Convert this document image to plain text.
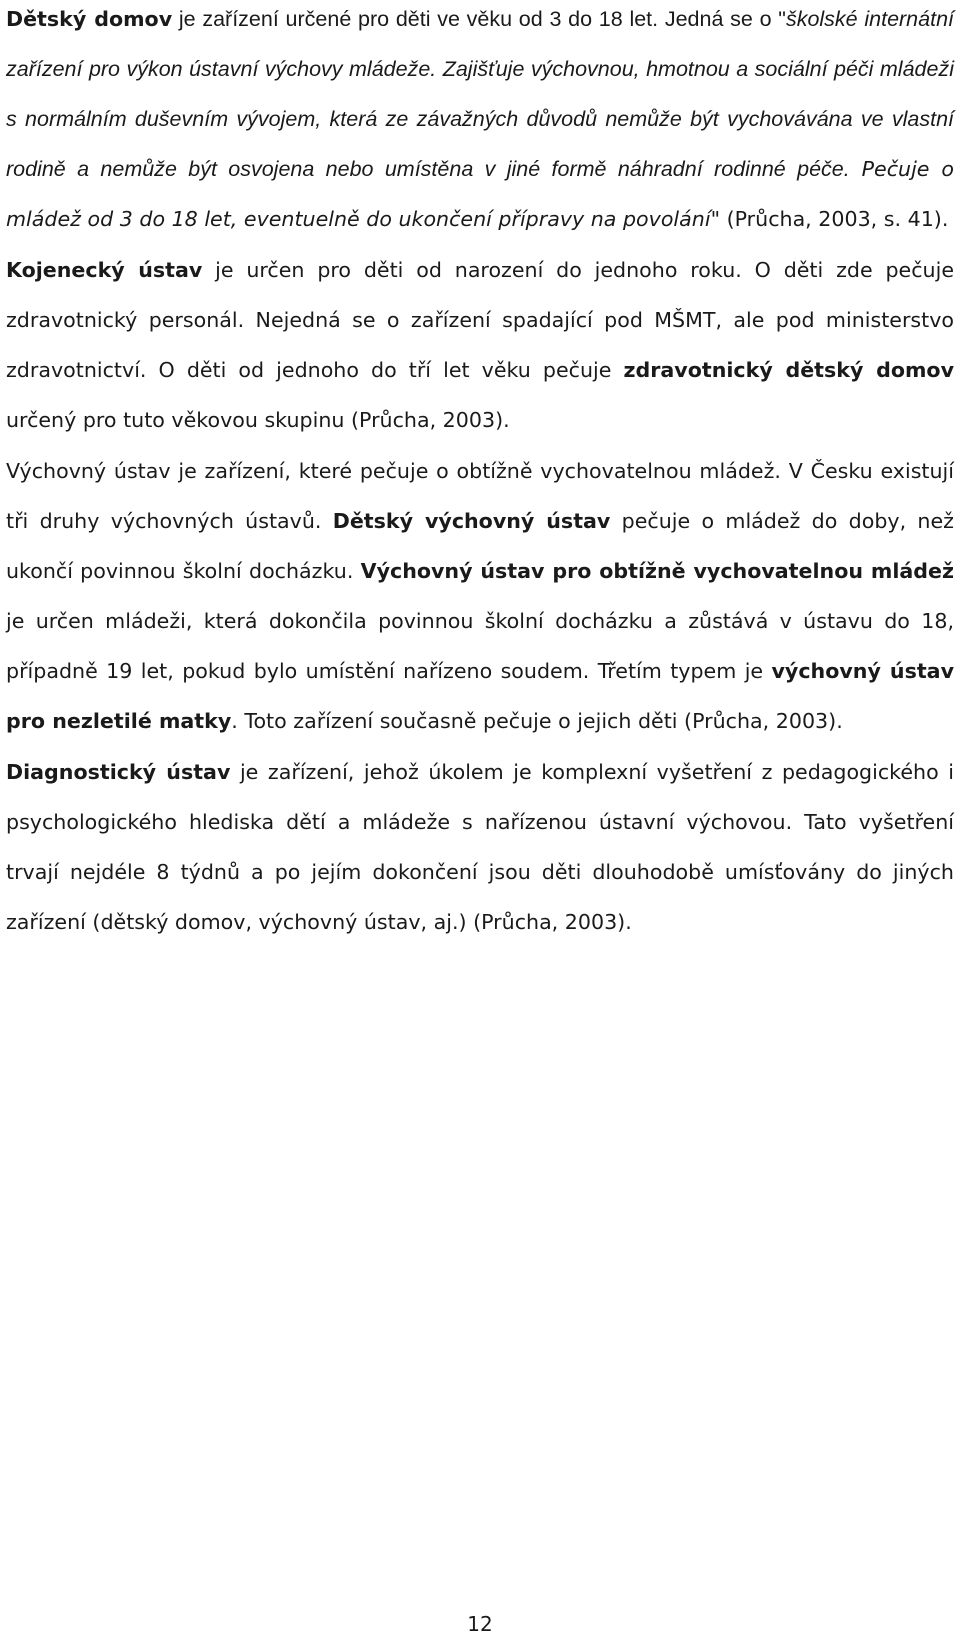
Dětský domov je zařízení určené pro děti ve věku od 3 do 18 let. Jedná se o "školské internátní zařízení pro výkon ústavní výchovy mládeže. Zajišťuje výchovnou, hmotnou a sociální péči mládeži s normálním duševním vývojem, která ze závažných důvodů nemůže být vychovávána ve vlastní rodině a nemůže být osvojena nebo umístěna v jiné formě náhradní rodinné péče. Pečuje o mládež od 3 do 18 let, eventuelně do ukončení přípravy na povolání" (Průcha, 2003, s. 41).

Kojenecký ústav je určen pro děti od narození do jednoho roku. O děti zde pečuje zdravotnický personál. Nejedná se o zařízení spadající pod MŠMT, ale pod ministerstvo zdravotnictví. O děti od jednoho do tří let věku pečuje zdravotnický dětský domov určený pro tuto věkovou skupinu (Průcha, 2003).

Výchovný ústav je zařízení, které pečuje o obtížně vychovatelnou mládež. V Česku existují tři druhy výchovných ústavů. Dětský výchovný ústav pečuje o mládež do doby, než ukončí povinnou školní docházku. Výchovný ústav pro obtížně vychovatelnou mládež je určen mládeži, která dokončila povinnou školní docházku a zůstává v ústavu do 18, případně 19 let, pokud bylo umístění nařízeno soudem. Třetím typem je výchovný ústav pro nezletilé matky. Toto zařízení současně pečuje o jejich děti (Průcha, 2003).

Diagnostický ústav je zařízení, jehož úkolem je komplexní vyšetření z pedagogického i psychologického hlediska dětí a mládeže s nařízenou ústavní výchovou. Tato vyšetření trvají nejdéle 8 týdnů a po jejím dokončení jsou děti dlouhodobě umísťovány do jiných zařízení (dětský domov, výchovný ústav, aj.) (Průcha, 2003).

12
